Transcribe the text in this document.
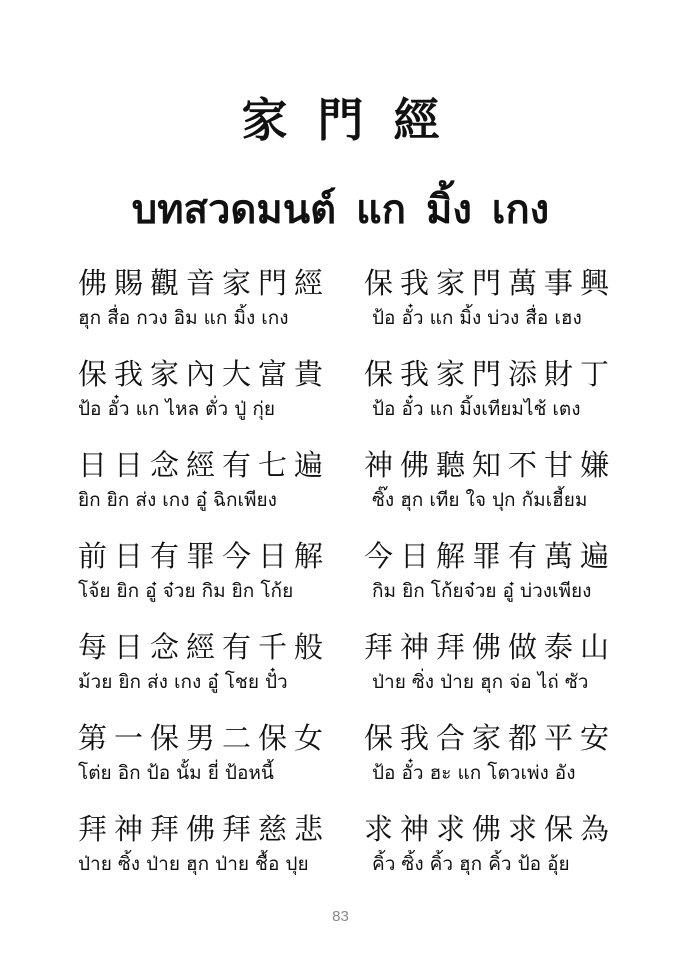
家門經
บทสวดมนต์ แก มิ้ง เกง
佛賜觀音家門經
ฮุก สื่อ กวง อิม แก มิ้ง เกง
保我家門萬事興
ป้อ อั๋ว แก มิ้ง บ่วง สื่อ เฮง
保我家內大富貴
ป้อ อั๋ว แก ไหล ตั่ว ปู่ กุ่ย
保我家門添財丁
ป้อ อั๋ว แก มิ้งเทียมไช้ เตง
日日念經有七遍
ยิก ยิก ส่ง เกง อู๋ ฉิกเพียง
神佛聽知不甘嫌
ซิ๊ง ฮุก เทีย ใจ ปุก กัมเฮี้ยม
前日有罪今日解
โจ้ย ยิก อู๋ จ๋วย กิม ยิก โก้ย
今日解罪有萬遍
กิม ยิก โก้ยจ๋วย อู๋ บ่วงเพียง
每日念經有千般
ม้วย ยิก ส่ง เกง อู๋ โชย ปั๋ว
拜神拜佛做泰山
ป่าย ซิ่ง ป่าย ฮุก จ่อ ไถ่ ซัว
第一保男二保女
โต่ย อิก ป้อ นั้ม ยี่ ป้อหนี้
保我合家都平安
ป้อ อั๋ว ฮะ แก โตวเพ่ง อัง
拜神拜佛拜慈悲
ป่าย ซิ้ง ป่าย ฮุก ป่าย ชื้อ ปุย
求神求佛求保為
คิ้ว ซิ้ง คิ้ว ฮุก คิ้ว ป้อ อุ้ย
83
